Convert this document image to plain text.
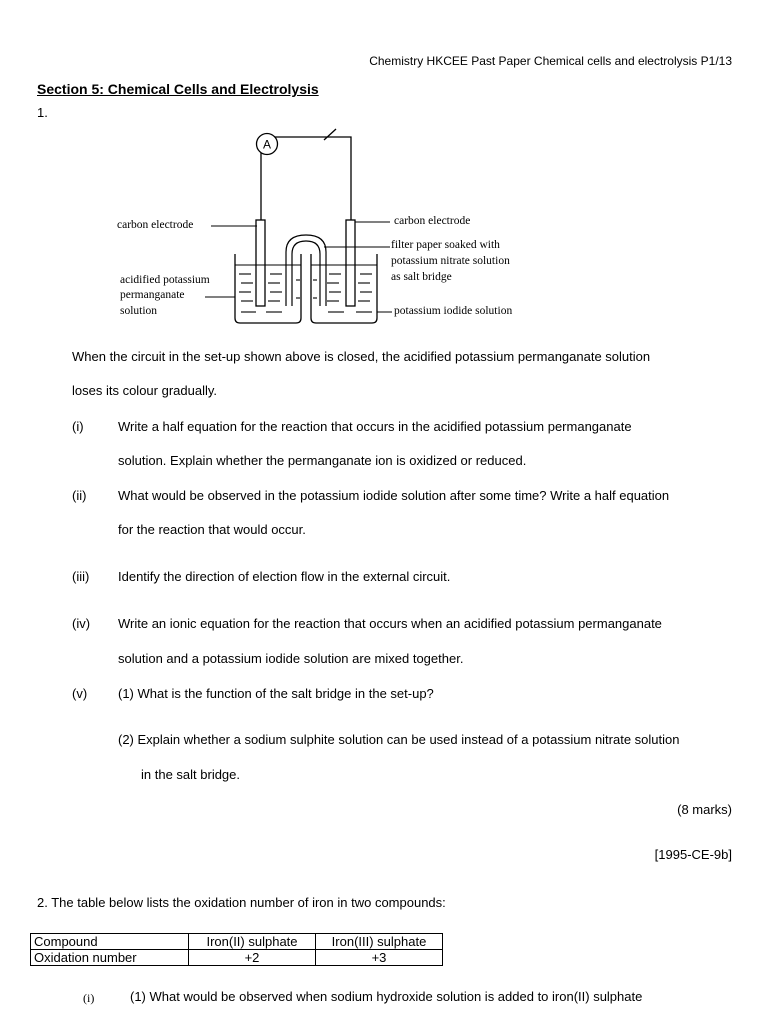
Chemistry HKCEE Past Paper Chemical cells and electrolysis P1/13
Section 5: Chemical Cells and Electrolysis
1.
A
carbon electrode	carbon electrode
filter paper soaked with
potassium nitrate solution
as salt bridge
acidified potassium
permanganate
solution	potassium iodide solution
When the circuit in the set-up shown above is closed, the acidified potassium permanganate solution
loses its colour gradually.
(i)	Write a half equation for the reaction that occurs in the acidified potassium permanganate
solution. Explain whether the permanganate ion is oxidized or reduced.
(ii) What would be observed in the potassium iodide solution after some time? Write a half equation
for the reaction that would occur.
(iii) Identify the direction of election flow in the external circuit.
(iv) Write an ionic equation for the reaction that occurs when an acidified potassium permanganate
solution and a potassium iodide solution are mixed together.
(v) (1) What is the function of the salt bridge in the set-up?
(2) Explain whether a sodium sulphite solution can be used instead of a potassium nitrate solution
in the salt bridge.
(8 marks)
[1995-CE-9b]
2. The table below lists the oxidation number of iron in two compounds:
Compound	Iron(II) sulphate	Iron(III) sulphate
Oxidation number	+2	+3
(i)	(1) What would be observed when sodium hydroxide solution is added to iron(II) sulphate
